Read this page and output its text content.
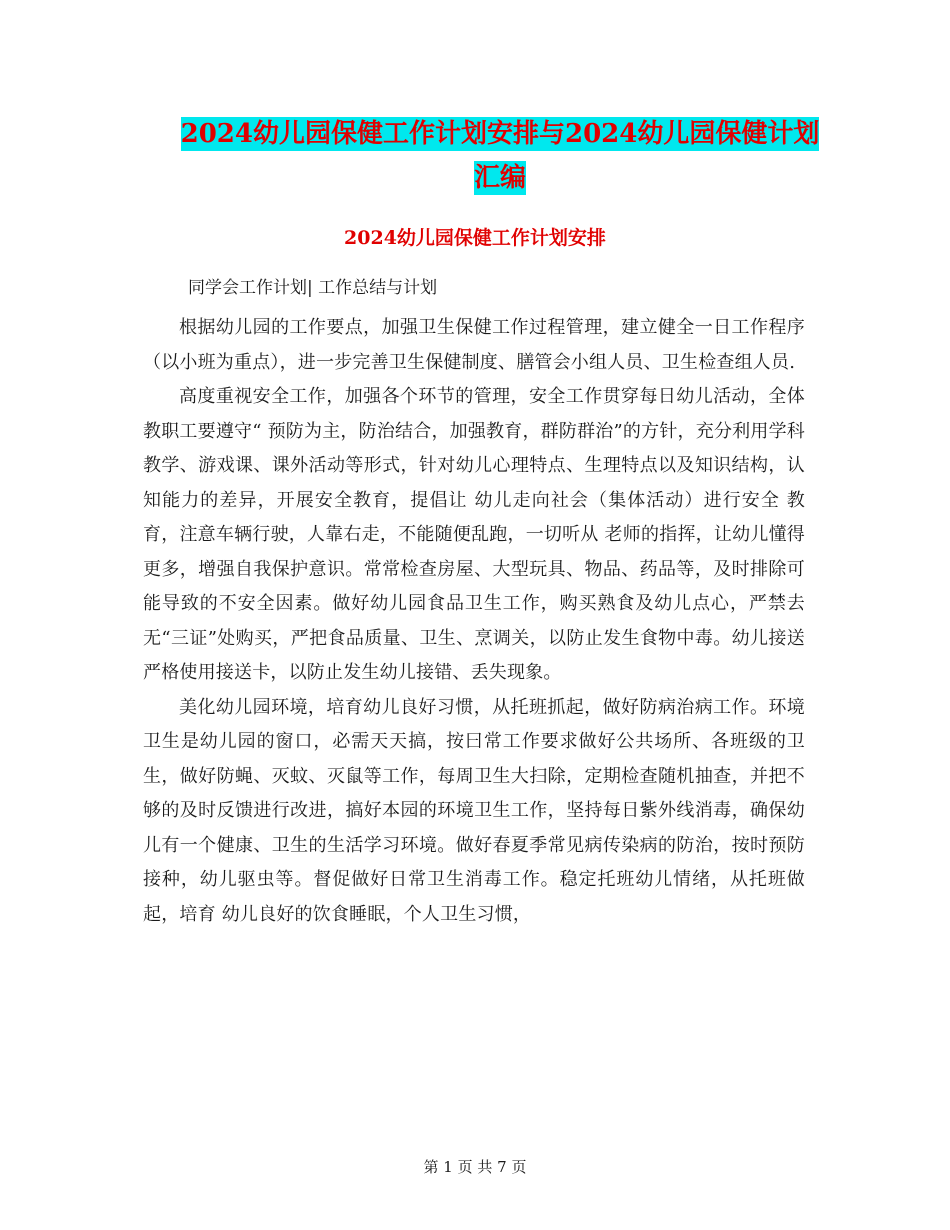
2024幼儿园保健工作计划安排与2024幼儿园保健计划
汇编
2024幼儿园保健工作计划安排
同学会工作计划| 工作总结与计划

根据幼儿园的工作要点，加强卫生保健工作过程管理，建立健全一日工作程序（以小班为重点），进一步完善卫生保健制度、膳管会小组人员、卫生检查组人员.

高度重视安全工作，加强各个环节的管理，安全工作贯穿每日幼儿活动，全体教职工要遵守“ 预防为主，防治结合，加强教育，群防群治”的方针，充分利用学科教学、游戏课、课外活动等形式，针对幼儿心理特点、生理特点以及知识结构，认知能力的差异，开展安全教育，提倡让 幼儿走向社会（集体活动）进行安全 教育，注意车辆行驶，人靠右走，不能随便乱跑，一切听从 老师的指挥，让幼儿懂得更多，增强自我保护意识。常常检查房屋、大型玩具、物品、药品等，及时排除可能导致的不安全因素。做好幼儿园食品卫生工作，购买熟食及幼儿点心，严禁去无“三证”处购买，严把食品质量、卫生、烹调关，以防止发生食物中毒。幼儿接送严格使用接送卡，以防止发生幼儿接错、丢失现象。

美化幼儿园环境，培育幼儿良好习惯，从托班抓起，做好防病治病工作。环境卫生是幼儿园的窗口，必需天天搞，按曰常工作要求做好公共场所、各班级的卫生，做好防蝇、灭蚊、灭鼠等工作，每周卫生大扫除，定期检查随机抽查，并把不够的及时反馈进行改进，搞好本园的环境卫生工作，坚持每日紫外线消毒，确保幼儿有一个健康、卫生的生活学习环境。做好春夏季常见病传染病的防治，按时预防接种，幼儿驱虫等。督促做好日常卫生消毒工作。稳定托班幼儿情绪，从托班做起，培育 幼儿良好的饮食睡眠，个人卫生习惯，

第 1 页 共 7 页
